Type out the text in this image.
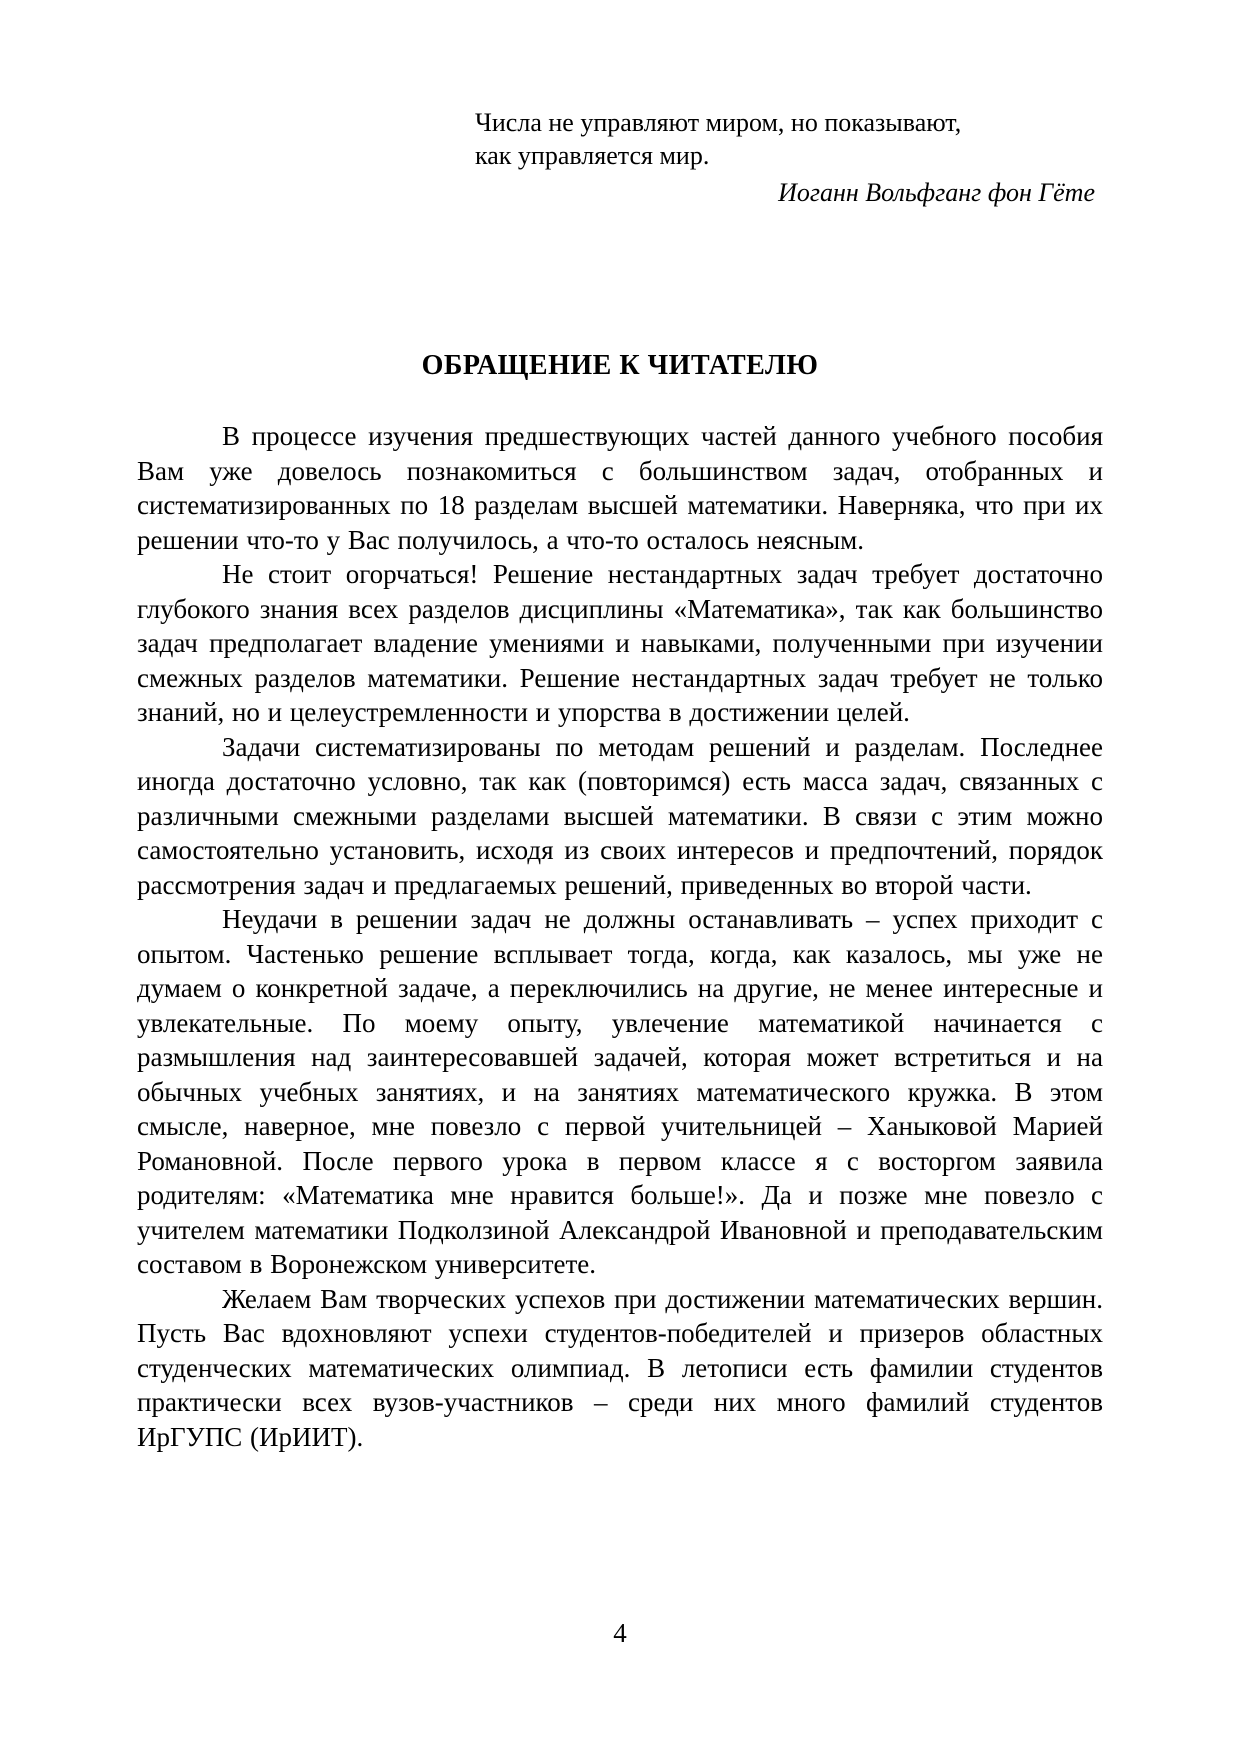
Числа не управляют миром, но показывают,
как управляется мир.
Иоганн Вольфганг фон Гёте
ОБРАЩЕНИЕ К ЧИТАТЕЛЮ

В процессе изучения предшествующих частей данного учебного пособия Вам уже довелось познакомиться с большинством задач, отобранных и систематизированных по 18 разделам высшей математики. Наверняка, что при их решении что-то у Вас получилось, а что-то осталось неясным.

Не стоит огорчаться! Решение нестандартных задач требует достаточно глубокого знания всех разделов дисциплины «Математика», так как большинство задач предполагает владение умениями и навыками, полученными при изучении смежных разделов математики. Решение нестандартных задач требует не только знаний, но и целеустремленности и упорства в достижении целей.

Задачи систематизированы по методам решений и разделам. Последнее иногда достаточно условно, так как (повторимся) есть масса задач, связанных с различными смежными разделами высшей математики. В связи с этим можно самостоятельно установить, исходя из своих интересов и предпочтений, порядок рассмотрения задач и предлагаемых решений, приведенных во второй части.

Неудачи в решении задач не должны останавливать – успех приходит с опытом. Частенько решение всплывает тогда, когда, как казалось, мы уже не думаем о конкретной задаче, а переключились на другие, не менее интересные и увлекательные. По моему опыту, увлечение математикой начинается с размышления над заинтересовавшей задачей, которая может встретиться и на обычных учебных занятиях, и на занятиях математического кружка. В этом смысле, наверное, мне повезло с первой учительницей – Ханыковой Марией Романовной. После первого урока в первом классе я с восторгом заявила родителям: «Математика мне нравится больше!». Да и позже мне повезло с учителем математики Подколзиной Александрой Ивановной и преподавательским составом в Воронежском университете.

Желаем Вам творческих успехов при достижении математических вершин. Пусть Вас вдохновляют успехи студентов-победителей и призеров областных студенческих математических олимпиад. В летописи есть фамилии студентов практически всех вузов-участников – среди них много фамилий студентов ИрГУПС (ИрИИТ).

4
